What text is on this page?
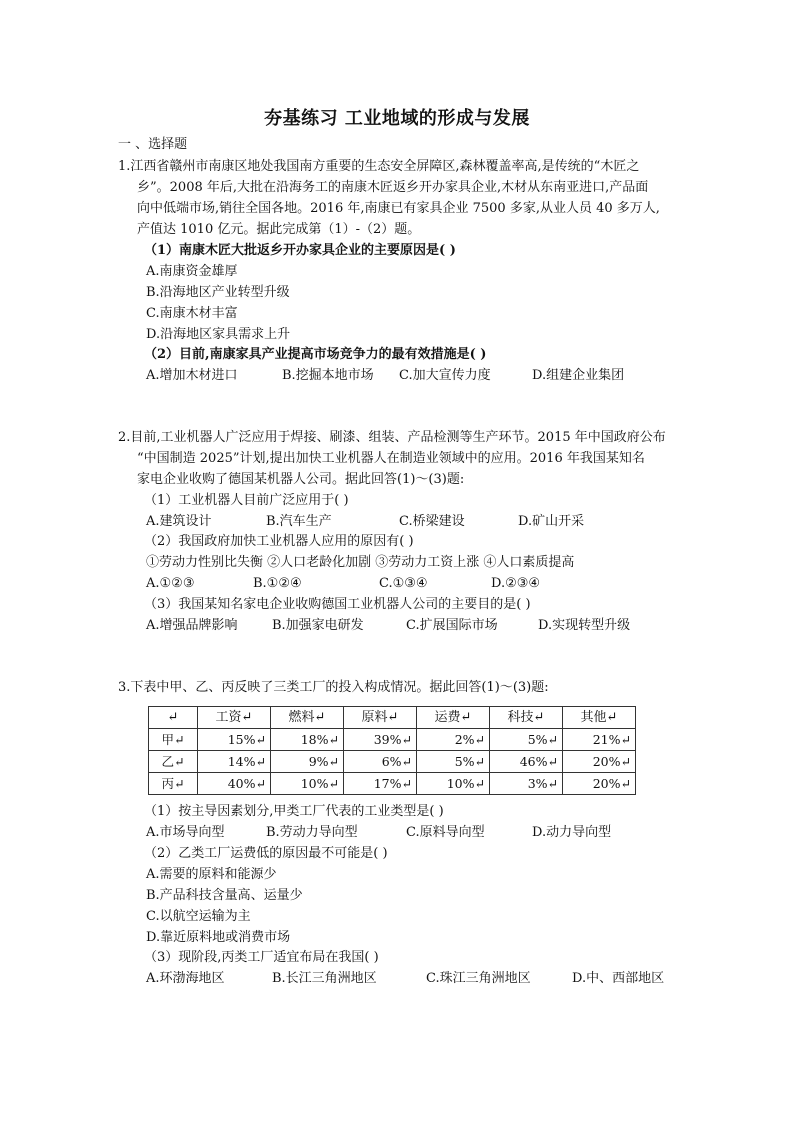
夯基练习 工业地域的形成与发展
一 、选择题
1.江西省赣州市南康区地处我国南方重要的生态安全屏障区,森林覆盖率高,是传统的“木匠之
乡”。2008 年后,大批在沿海务工的南康木匠返乡开办家具企业,木材从东南亚进口,产品面
向中低端市场,销往全国各地。2016 年,南康已有家具企业 7500 多家,从业人员 40 多万人,
产值达 1010 亿元。据此完成第（1）-（2）题。
（1）南康木匠大批返乡开办家具企业的主要原因是( )
A.南康资金雄厚
B.沿海地区产业转型升级
C.南康木材丰富
D.沿海地区家具需求上升
（2）目前,南康家具产业提高市场竞争力的最有效措施是( )
A.增加木材进口	B.挖掘本地市场 C.加大宣传力度	D.组建企业集团
2.目前,工业机器人广泛应用于焊接、刷漆、组装、产品检测等生产环节。2015 年中国政府公布
“中国制造 2025”计划,提出加快工业机器人在制造业领域中的应用。2016 年我国某知名
家电企业收购了德国某机器人公司。据此回答(1)～(3)题:
（1）工业机器人目前广泛应用于( )
A.建筑设计	B.汽车生产	C.桥梁建设	D.矿山开采
（2）我国政府加快工业机器人应用的原因有( )
①劳动力性别比失衡 ②人口老龄化加剧 ③劳动力工资上涨 ④人口素质提高
A.①②③	B.①②④	C.①③④	D.②③④
（3）我国某知名家电企业收购德国工业机器人公司的主要目的是( )
A.增强品牌影响	B.加强家电研发	C.扩展国际市场	D.实现转型升级
3.下表中甲、乙、丙反映了三类工厂的投入构成情况。据此回答(1)～(3)题:
↵	工资↵	燃料↵	原料↵	运费↵	科技↵	其他↵
甲↵	15%↵	18%↵	39%↵	2%↵	5%↵	21%↵
乙↵	14%↵	9%↵	6%↵	5%↵	46%↵	20%↵
丙↵	40%↵	10%↵	17%↵	10%↵	3%↵	20%↵
（1）按主导因素划分,甲类工厂代表的工业类型是( )
A.市场导向型	B.劳动力导向型	C.原料导向型	D.动力导向型
（2）乙类工厂运费低的原因最不可能是( )
A.需要的原料和能源少
B.产品科技含量高、运量少
C.以航空运输为主
D.靠近原料地或消费市场
（3）现阶段,丙类工厂适宜布局在我国( )
A.环渤海地区	B.长江三角洲地区	C.珠江三角洲地区	D.中、西部地区
